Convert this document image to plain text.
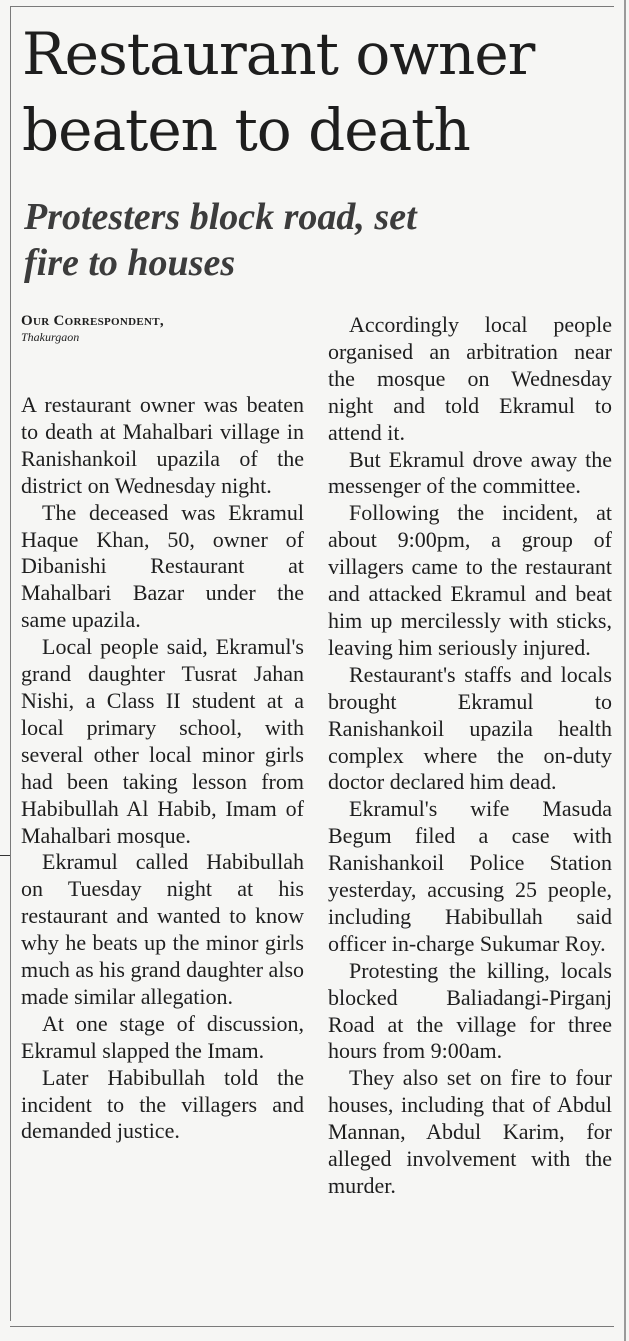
Restaurant owner
beaten to death
Protesters block road, set
fire to houses
Our Correspondent,
Thakurgaon

A restaurant owner was beaten to death at Mahalbari village in Ranishankoil upazila of the district on Wednesday night.

The deceased was Ekramul Haque Khan, 50, owner of Dibanishi Restaurant at Mahalbari Bazar under the same upazila.

Local people said, Ekramul's grand daughter Tusrat Jahan Nishi, a Class II student at a local primary school, with several other local minor girls had been taking lesson from Habibullah Al Habib, Imam of Mahalbari mosque.

Ekramul called Habibullah on Tuesday night at his restaurant and wanted to know why he beats up the minor girls much as his grand daughter also made similar allegation.

At one stage of discussion, Ekramul slapped the Imam.

Later Habibullah told the incident to the villagers and demanded justice.

Accordingly local people organised an arbitration near the mosque on Wednesday night and told Ekramul to attend it.

But Ekramul drove away the messenger of the committee.

Following the incident, at about 9:00pm, a group of villagers came to the restaurant and attacked Ekramul and beat him up mercilessly with sticks, leaving him seriously injured.

Restaurant's staffs and locals brought Ekramul to Ranishankoil upazila health complex where the on-duty doctor declared him dead.

Ekramul's wife Masuda Begum filed a case with Ranishankoil Police Station yesterday, accusing 25 people, including Habibullah said officer in-charge Sukumar Roy.

Protesting the killing, locals blocked Baliadangi-Pirganj Road at the village for three hours from 9:00am.

They also set on fire to four houses, including that of Abdul Mannan, Abdul Karim, for alleged involvement with the murder.
